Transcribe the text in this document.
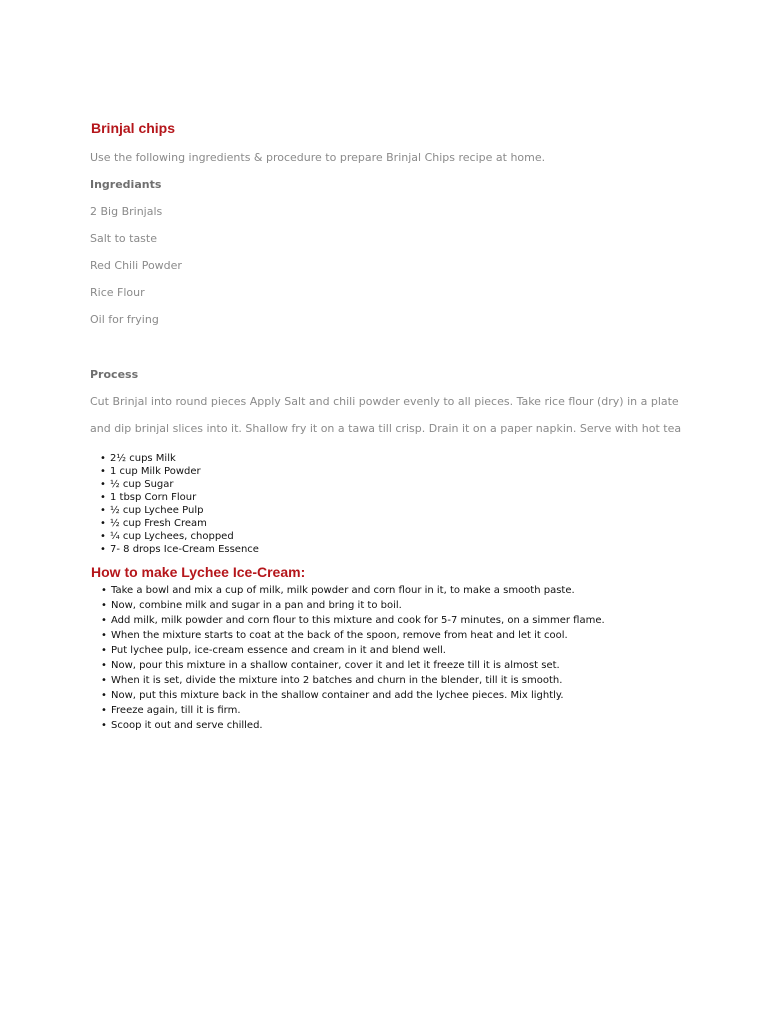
Brinjal chips

Use the following ingredients & procedure to prepare Brinjal Chips recipe at home.

Ingrediants

2 Big Brinjals

Salt to taste

Red Chili Powder

Rice Flour

Oil for frying

Process

Cut Brinjal into round pieces Apply Salt and chili powder evenly to all pieces. Take rice flour (dry) in a plate

and dip brinjal slices into it. Shallow fry it on a tawa till crisp. Drain it on a paper napkin. Serve with hot tea

• 2½ cups Milk
• 1 cup Milk Powder
• ½ cup Sugar
• 1 tbsp Corn Flour
• ½ cup Lychee Pulp
• ½ cup Fresh Cream
• ¼ cup Lychees, chopped
• 7- 8 drops Ice-Cream Essence
How to make Lychee Ice-Cream:
• Take a bowl and mix a cup of milk, milk powder and corn flour in it, to make a smooth paste.
• Now, combine milk and sugar in a pan and bring it to boil.
• Add milk, milk powder and corn flour to this mixture and cook for 5-7 minutes, on a simmer flame.
• When the mixture starts to coat at the back of the spoon, remove from heat and let it cool.
• Put lychee pulp, ice-cream essence and cream in it and blend well.
• Now, pour this mixture in a shallow container, cover it and let it freeze till it is almost set.
• When it is set, divide the mixture into 2 batches and churn in the blender, till it is smooth.
• Now, put this mixture back in the shallow container and add the lychee pieces. Mix lightly.
• Freeze again, till it is firm.
• Scoop it out and serve chilled.
